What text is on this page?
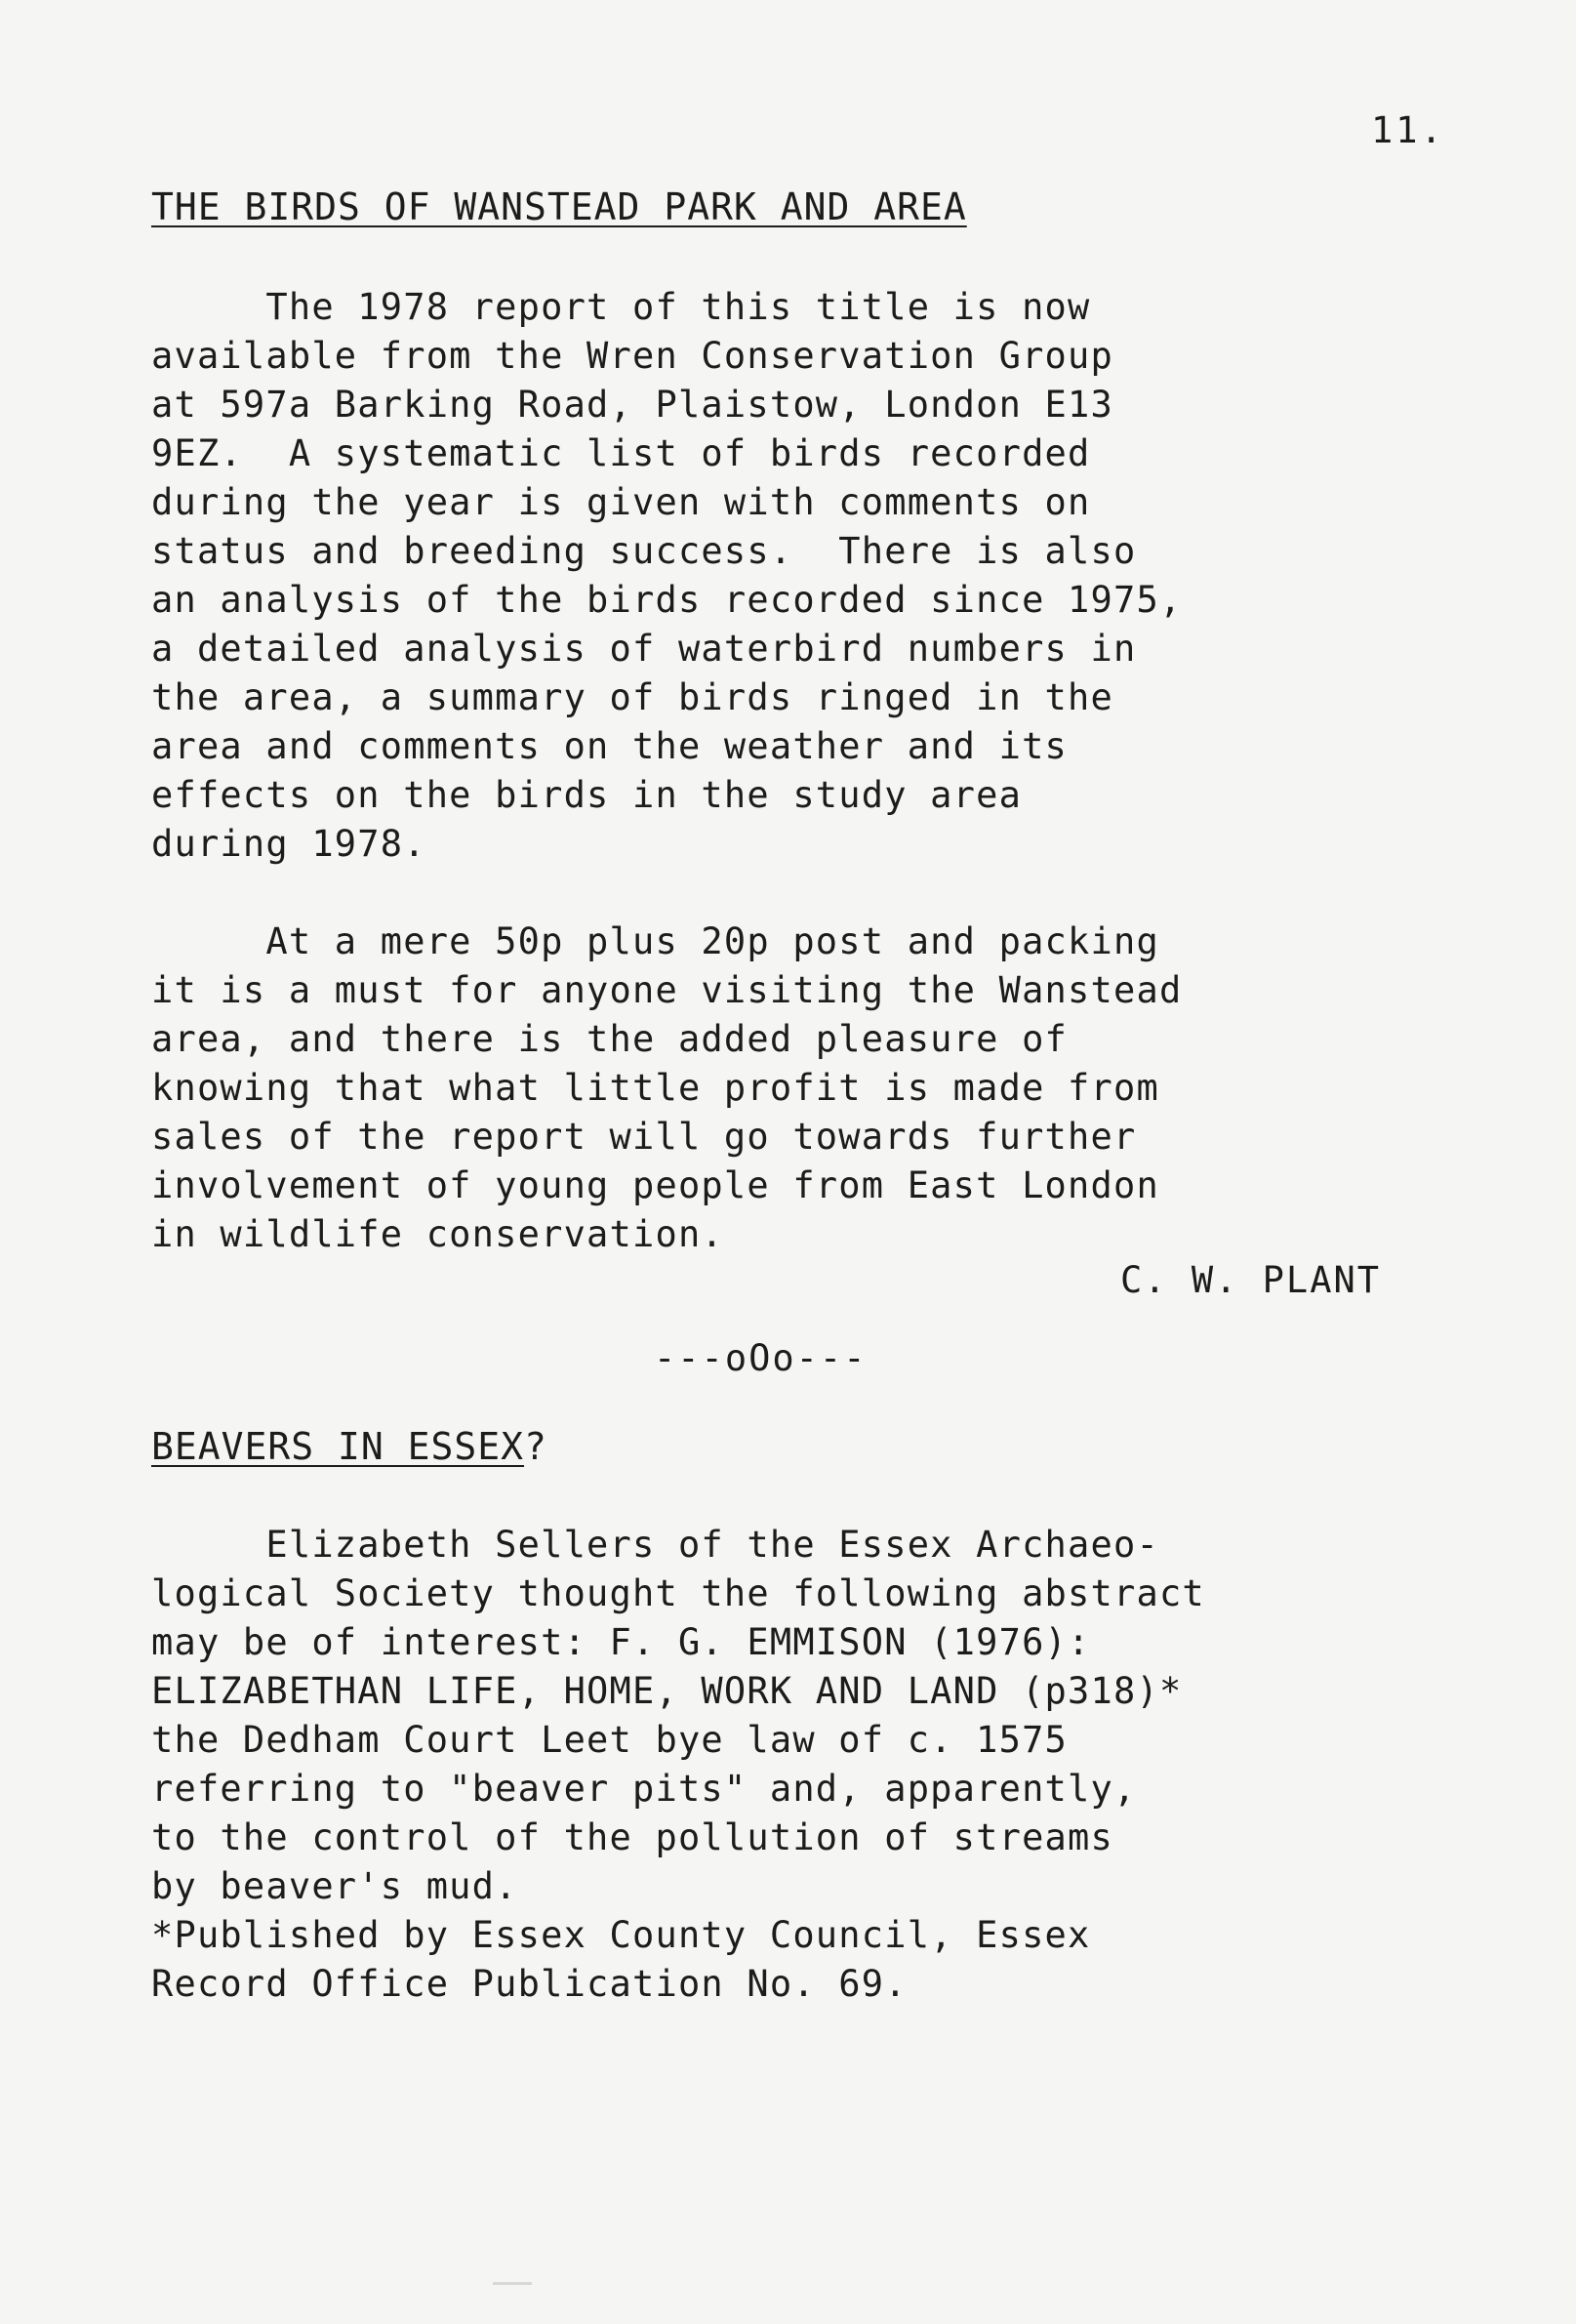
11.
THE BIRDS OF WANSTEAD PARK AND AREA
The 1978 report of this title is now
available from the Wren Conservation Group
at 597a Barking Road, Plaistow, London E13
9EZ.  A systematic list of birds recorded
during the year is given with comments on
status and breeding success.  There is also
an analysis of the birds recorded since 1975,
a detailed analysis of waterbird numbers in
the area, a summary of birds ringed in the
area and comments on the weather and its
effects on the birds in the study area
during 1978.
At a mere 50p plus 20p post and packing
it is a must for anyone visiting the Wanstead
area, and there is the added pleasure of
knowing that what little profit is made from
sales of the report will go towards further
involvement of young people from East London
in wildlife conservation.
C. W. PLANT
---oOo---
BEAVERS IN ESSEX?
Elizabeth Sellers of the Essex Archaeo-
logical Society thought the following abstract
may be of interest: F. G. EMMISON (1976):
ELIZABETHAN LIFE, HOME, WORK AND LAND (p318)*
the Dedham Court Leet bye law of c. 1575
referring to "beaver pits" and, apparently,
to the control of the pollution of streams
by beaver's mud.
*Published by Essex County Council, Essex
Record Office Publication No. 69.
